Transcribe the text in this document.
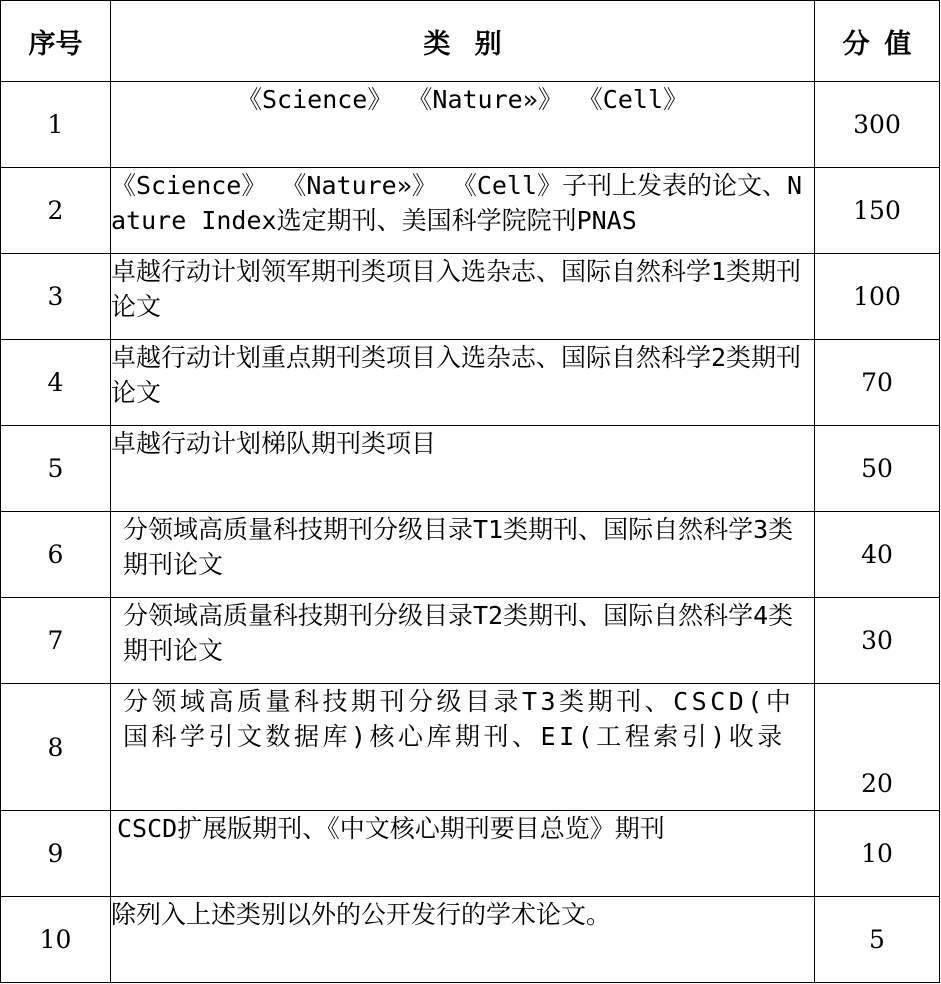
序号	类别	分值
1	《Science》 《Nature»》 《Cell》	300
2	《Science》 《Nature»》 《Cell》子刊上发表的论文、Nature Index选定期刊、美国科学院院刊PNAS	150
3	卓越行动计划领军期刊类项目入选杂志、国际自然科学1类期刊论文	100
4	卓越行动计划重点期刊类项目入选杂志、国际自然科学2类期刊论文	70
5	卓越行动计划梯队期刊类项目	50
6	分领域高质量科技期刊分级目录T1类期刊、国际自然科学3类期刊论文	40
7	分领域高质量科技期刊分级目录T2类期刊、国际自然科学4类期刊论文	30
8	分领域高质量科技期刊分级目录T3类期刊、CSCD(中国科学引文数据库)核心库期刊、EI(工程索引)收录	20
9	CSCD扩展版期刊、《中文核心期刊要目总览》期刊	10
10	除列入上述类别以外的公开发行的学术论文。	5
